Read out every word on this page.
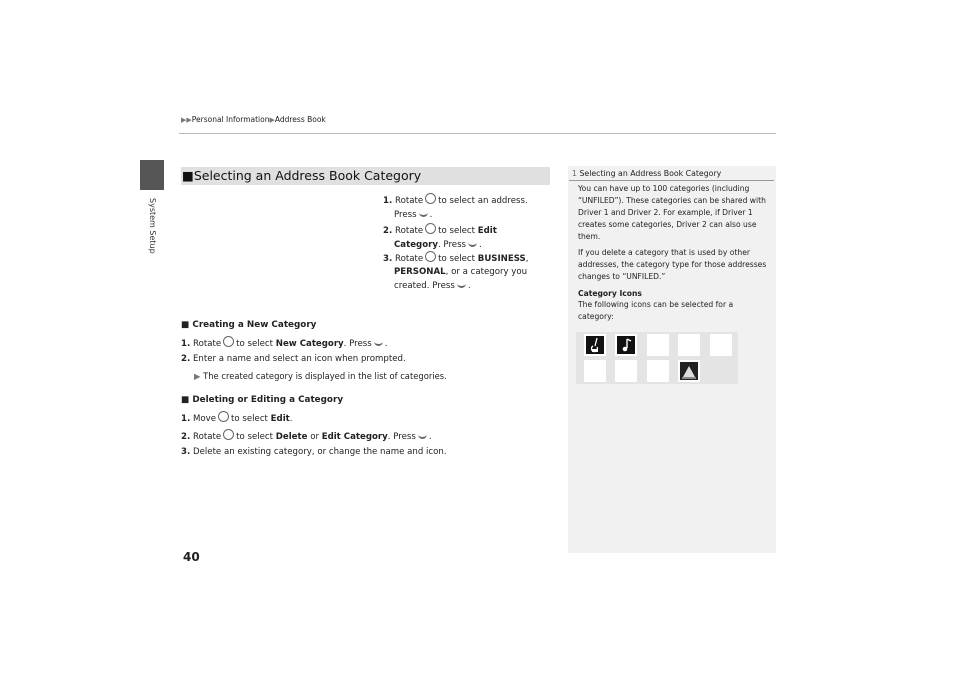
▶▶Personal Information▶Address Book
System Setup
■Selecting an Address Book Category
1. Rotate to select an address.
Press .
2. Rotate to select Edit
Category. Press .
3. Rotate to select BUSINESS,
PERSONAL, or a category you
created. Press .
■ Creating a New Category
1. Rotate to select New Category. Press .
2. Enter a name and select an icon when prompted.
▶ The created category is displayed in the list of categories.
■ Deleting or Editing a Category
1. Move to select Edit.
2. Rotate to select Delete or Edit Category. Press .
3. Delete an existing category, or change the name and icon.
1 Selecting an Address Book Category
You can have up to 100 categories (including “UNFILED”). These categories can be shared with Driver 1 and Driver 2. For example, if Driver 1 creates some categories, Driver 2 can also use them.
If you delete a category that is used by other addresses, the category type for those addresses changes to “UNFILED.”
Category Icons
The following icons can be selected for a category:
40
